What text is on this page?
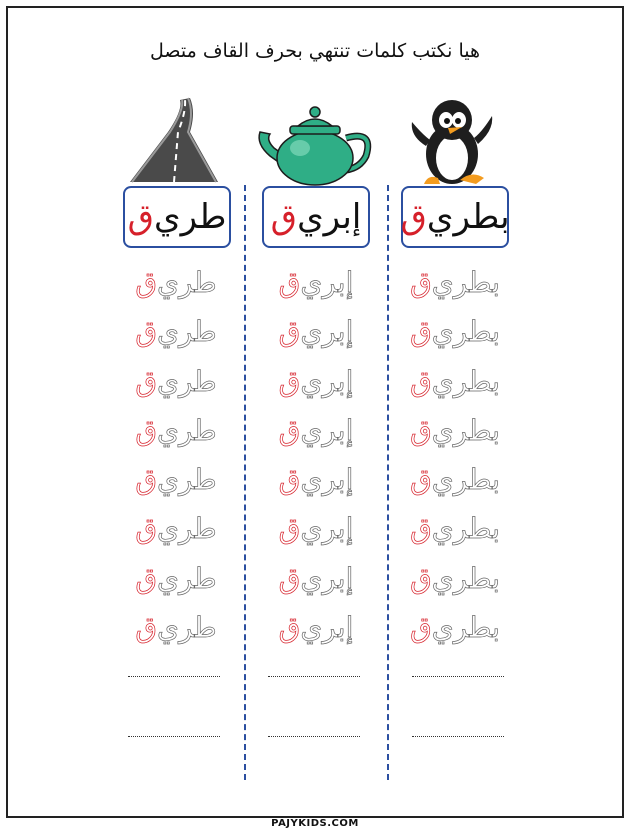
هيا نكتب كلمات تنتهي بحرف القاف متصل
طري
ق
طري
ق
طري
ق
طري
ق
طري
ق
طري
ق
طري
ق
طري
ق
طري
ق
إبري
ق
إبري
ق
إبري
ق
إبري
ق
إبري
ق
إبري
ق
إبري
ق
إبري
ق
إبري
ق
بطري
ق
بطري
ق
بطري
ق
بطري
ق
بطري
ق
بطري
ق
بطري
ق
بطري
ق
بطري
ق
PAJYKIDS.COM
